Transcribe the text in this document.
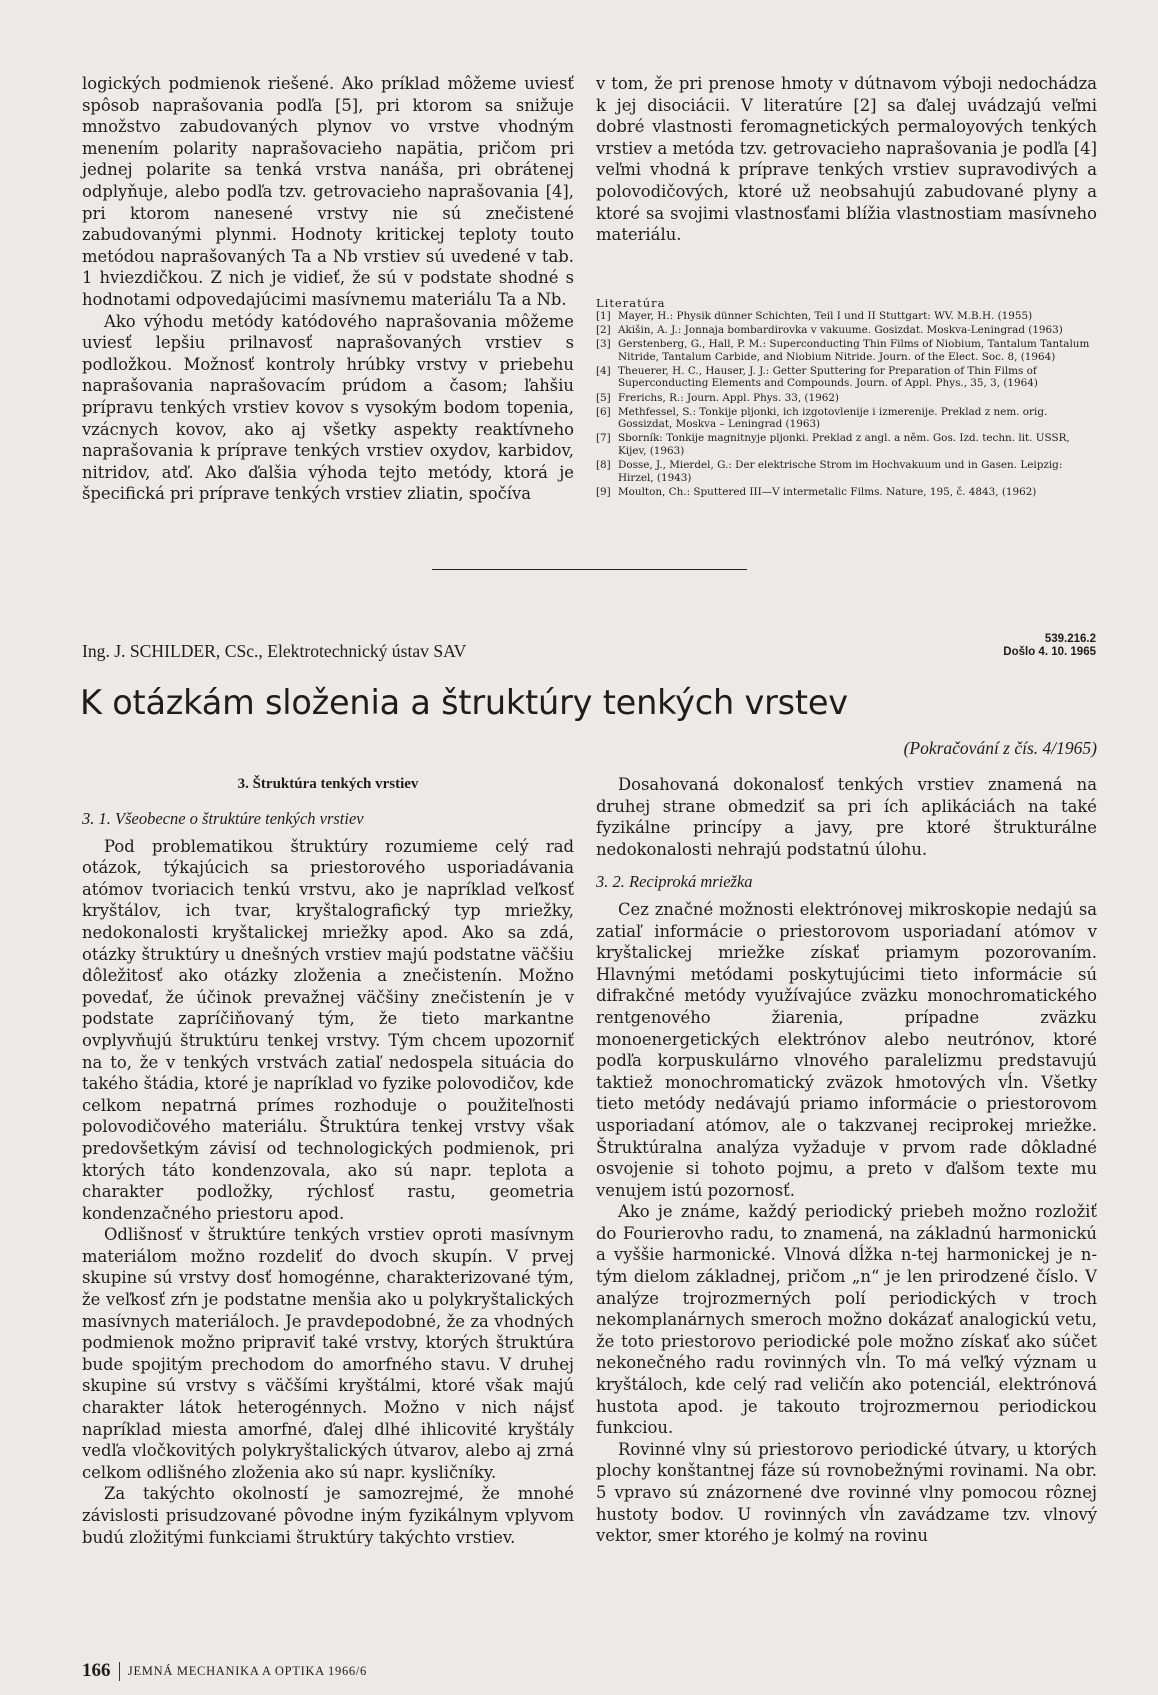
logických podmienok riešené. Ako príklad môžeme uviesť spôsob naprašovania podľa [5], pri ktorom sa snižuje množstvo zabudovaných plynov vo vrstve vhodným menením polarity naprašovacieho napätia, pričom pri jednej polarite sa tenká vrstva nanáša, pri obrátenej odplyňuje, alebo podľa tzv. getrovacieho naprašovania [4], pri ktorom nanesené vrstvy nie sú znečistené zabudovanými plynmi. Hodnoty kritickej teploty touto metódou naprašovaných Ta a Nb vrstiev sú uvedené v tab. 1 hviezdičkou. Z nich je vidieť, že sú v podstate shodné s hodnotami odpovedajúcimi masívnemu materiálu Ta a Nb.

Ako výhodu metódy katódového naprašovania môžeme uviesť lepšiu prilnavosť naprašovaných vrstiev s podložkou. Možnosť kontroly hrúbky vrstvy v priebehu naprašovania naprašovacím prúdom a časom; ľahšiu prípravu tenkých vrstiev kovov s vysokým bodom topenia, vzácnych kovov, ako aj všetky aspekty reaktívneho naprašovania k príprave tenkých vrstiev oxydov, karbidov, nitridov, atď. Ako ďalšia výhoda tejto metódy, ktorá je špecifická pri príprave tenkých vrstiev zliatin, spočíva

v tom, že pri prenose hmoty v dútnavom výboji nedochádza k jej disociácii. V literatúre [2] sa ďalej uvádzajú veľmi dobré vlastnosti feromagnetických permaloyových tenkých vrstiev a metóda tzv. getrovacieho naprašovania je podľa [4] veľmi vhodná k príprave tenkých vrstiev supravodivých a polovodičových, ktoré už neobsahujú zabudované plyny a ktoré sa svojimi vlastnosťami blížia vlastnostiam masívneho materiálu.

Literatúra

[1] Mayer, H.: Physik dünner Schichten, Teil I und II Stuttgart: WV. M.B.H. (1955)
[2] Akišin, A. J.: Jonnaja bombardirovka v vakuume. Gosizdat. Moskva-Leningrad (1963)
[3] Gerstenberg, G., Hall, P. M.: Superconducting Thin Films of Niobium, Tantalum Tantalum Nitride, Tantalum Carbide, and Niobium Nitride. Journ. of the Elect. Soc. 8, (1964)
[4] Theuerer, H. C., Hauser, J. J.: Getter Sputtering for Preparation of Thin Films of Superconducting Elements and Compounds. Journ. of Appl. Phys., 35, 3, (1964)
[5] Frerichs, R.: Journ. Appl. Phys. 33, (1962)
[6] Methfessel, S.: Tonkije pljonki, ich izgotovlenije i izmerenije. Preklad z nem. orig. Gossizdat, Moskva – Leningrad (1963)
[7] Sborník: Tonkije magnitnyje pljonki. Preklad z angl. a něm. Gos. Izd. techn. lit. USSR, Kijev, (1963)
[8] Dosse, J., Mierdel, G.: Der elektrische Strom im Hochvakuum und in Gasen. Leipzig: Hirzel, (1943)
[9] Moulton, Ch.: Sputtered III—V intermetalic Films. Nature, 195, č. 4843, (1962)
Ing. J. SCHILDER, CSc., Elektrotechnický ústav SAV
539.216.2
Došlo 4. 10. 1965
K otázkám složenia a štruktúry tenkých vrstev
(Pokračování z čís. 4/1965)
3. Štruktúra tenkých vrstiev

3. 1. Všeobecne o štruktúre tenkých vrstiev

Pod problematikou štruktúry rozumieme celý rad otázok, týkajúcich sa priestorového usporiadávania atómov tvoriacich tenkú vrstvu, ako je napríklad veľkosť kryštálov, ich tvar, kryštalografický typ mriežky, nedokonalosti kryštalickej mriežky apod. Ako sa zdá, otázky štruktúry u dnešných vrstiev majú podstatne väčšiu dôležitosť ako otázky zloženia a znečistenín. Možno povedať, že účinok prevažnej väčšiny znečistenín je v podstate zapríčiňovaný tým, že tieto markantne ovplyvňujú štruktúru tenkej vrstvy. Tým chcem upozorniť na to, že v tenkých vrstvách zatiaľ nedospela situácia do takého štádia, ktoré je napríklad vo fyzike polovodičov, kde celkom nepatrná prímes rozhoduje o použiteľnosti polovodičového materiálu. Štruktúra tenkej vrstvy však predovšetkým závisí od technologických podmienok, pri ktorých táto kondenzovala, ako sú napr. teplota a charakter podložky, rýchlosť rastu, geometria kondenzačného priestoru apod.

Odlišnosť v štruktúre tenkých vrstiev oproti masívnym materiálom možno rozdeliť do dvoch skupín. V prvej skupine sú vrstvy dosť homogénne, charakterizované tým, že veľkosť zŕn je podstatne menšia ako u polykryštalických masívnych materiáloch. Je pravdepodobné, že za vhodných podmienok možno pripraviť také vrstvy, ktorých štruktúra bude spojitým prechodom do amorfného stavu. V druhej skupine sú vrstvy s väčšími kryštálmi, ktoré však majú charakter látok heterogénnych. Možno v nich nájsť napríklad miesta amorfné, ďalej dlhé ihlicovité kryštály vedľa vločkovitých polykryštalických útvarov, alebo aj zrná celkom odlišného zloženia ako sú napr. kysličníky.

Za takýchto okolností je samozrejmé, že mnohé závislosti prisudzované pôvodne iným fyzikálnym vplyvom budú zložitými funkciami štruktúry takýchto vrstiev.

Dosahovaná dokonalosť tenkých vrstiev znamená na druhej strane obmedziť sa pri ích aplikáciách na také fyzikálne princípy a javy, pre ktoré štrukturálne nedokonalosti nehrajú podstatnú úlohu.

3. 2. Reciproká mriežka

Cez značné možnosti elektrónovej mikroskopie nedajú sa zatiaľ informácie o priestorovom usporiadaní atómov v kryštalickej mriežke získať priamym pozorovaním. Hlavnými metódami poskytujúcimi tieto informácie sú difrakčné metódy využívajúce zväzku monochromatického rentgenového žiarenia, prípadne zväzku monoenergetických elektrónov alebo neutrónov, ktoré podľa korpuskulárno vlnového paralelizmu predstavujú taktiež monochromatický zväzok hmotových vĺn. Všetky tieto metódy nedávajú priamo informácie o priestorovom usporiadaní atómov, ale o takzvanej reciprokej mriežke. Štruktúralna analýza vyžaduje v prvom rade dôkladné osvojenie si tohoto pojmu, a preto v ďalšom texte mu venujem istú pozornosť.

Ako je známe, každý periodický priebeh možno rozložiť do Fourierovho radu, to znamená, na základnú harmonickú a vyššie harmonické. Vlnová dĺžka n-tej harmonickej je n-tým dielom základnej, pričom „n“ je len prirodzené číslo. V analýze trojrozmerných polí periodických v troch nekomplanárnych smeroch možno dokázať analogickú vetu, že toto priestorovo periodické pole možno získať ako súčet nekonečného radu rovinných vĺn. To má veľký význam u kryštáloch, kde celý rad veličín ako potenciál, elektrónová hustota apod. je takouto trojrozmernou periodickou funkciou.

Rovinné vlny sú priestorovo periodické útvary, u ktorých plochy konštantnej fáze sú rovnobežnými rovinami. Na obr. 5 vpravo sú znázornené dve rovinné vlny pomocou rôznej hustoty bodov. U rovinných vĺn zavádzame tzv. vlnový vektor, smer ktorého je kolmý na rovinu

166 JEMNÁ MECHANIKA A OPTIKA 1966/6
